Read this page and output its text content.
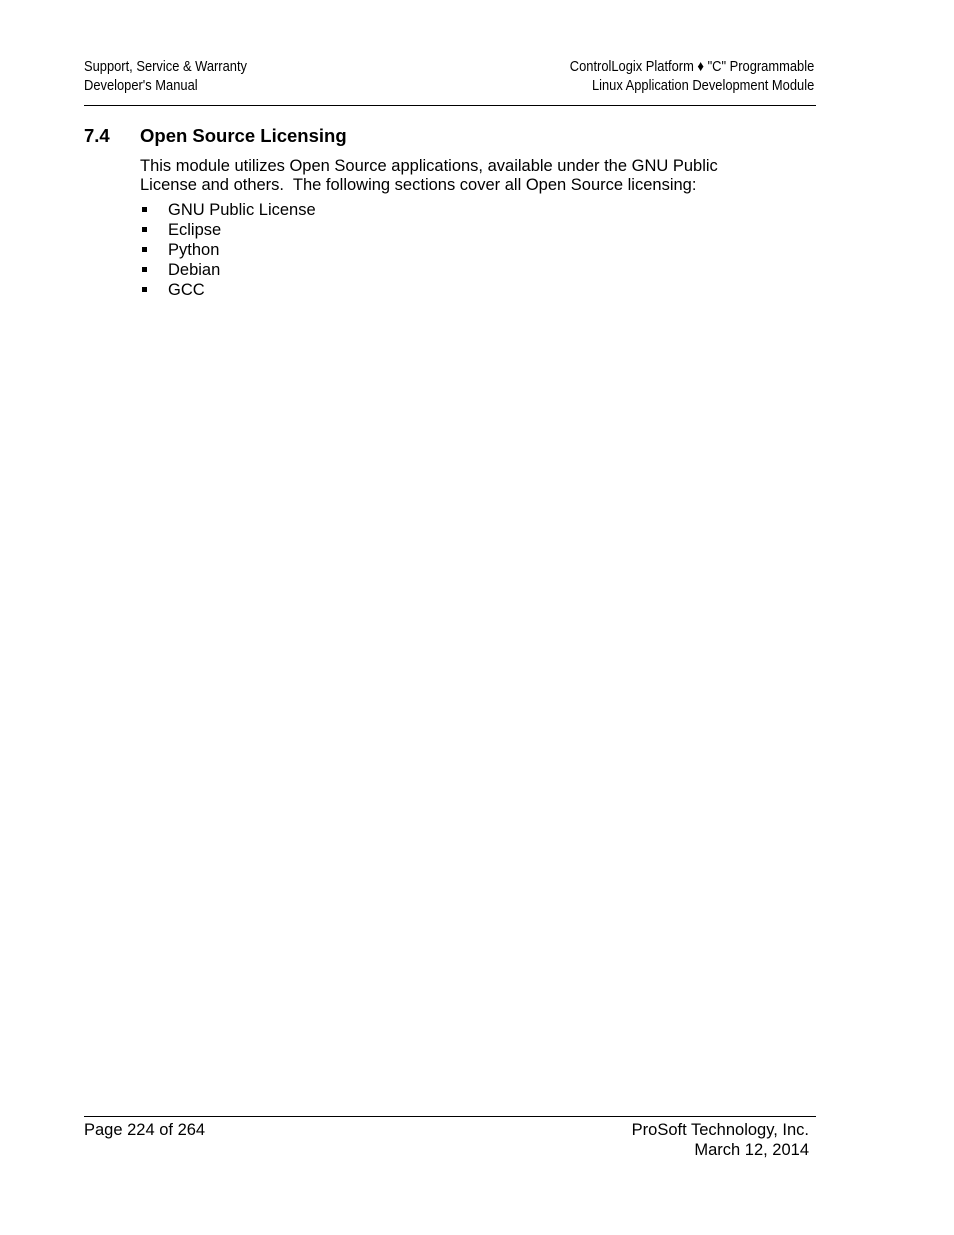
Support, Service & Warranty
Developer's Manual
ControlLogix Platform ♦ "C" Programmable
Linux Application Development Module
7.4 Open Source Licensing
This module utilizes Open Source applications, available under the GNU Public
License and others.  The following sections cover all Open Source licensing:
GNU Public License
Eclipse
Python
Debian
GCC
Page 224 of 264	ProSoft Technology, Inc.
March 12, 2014
